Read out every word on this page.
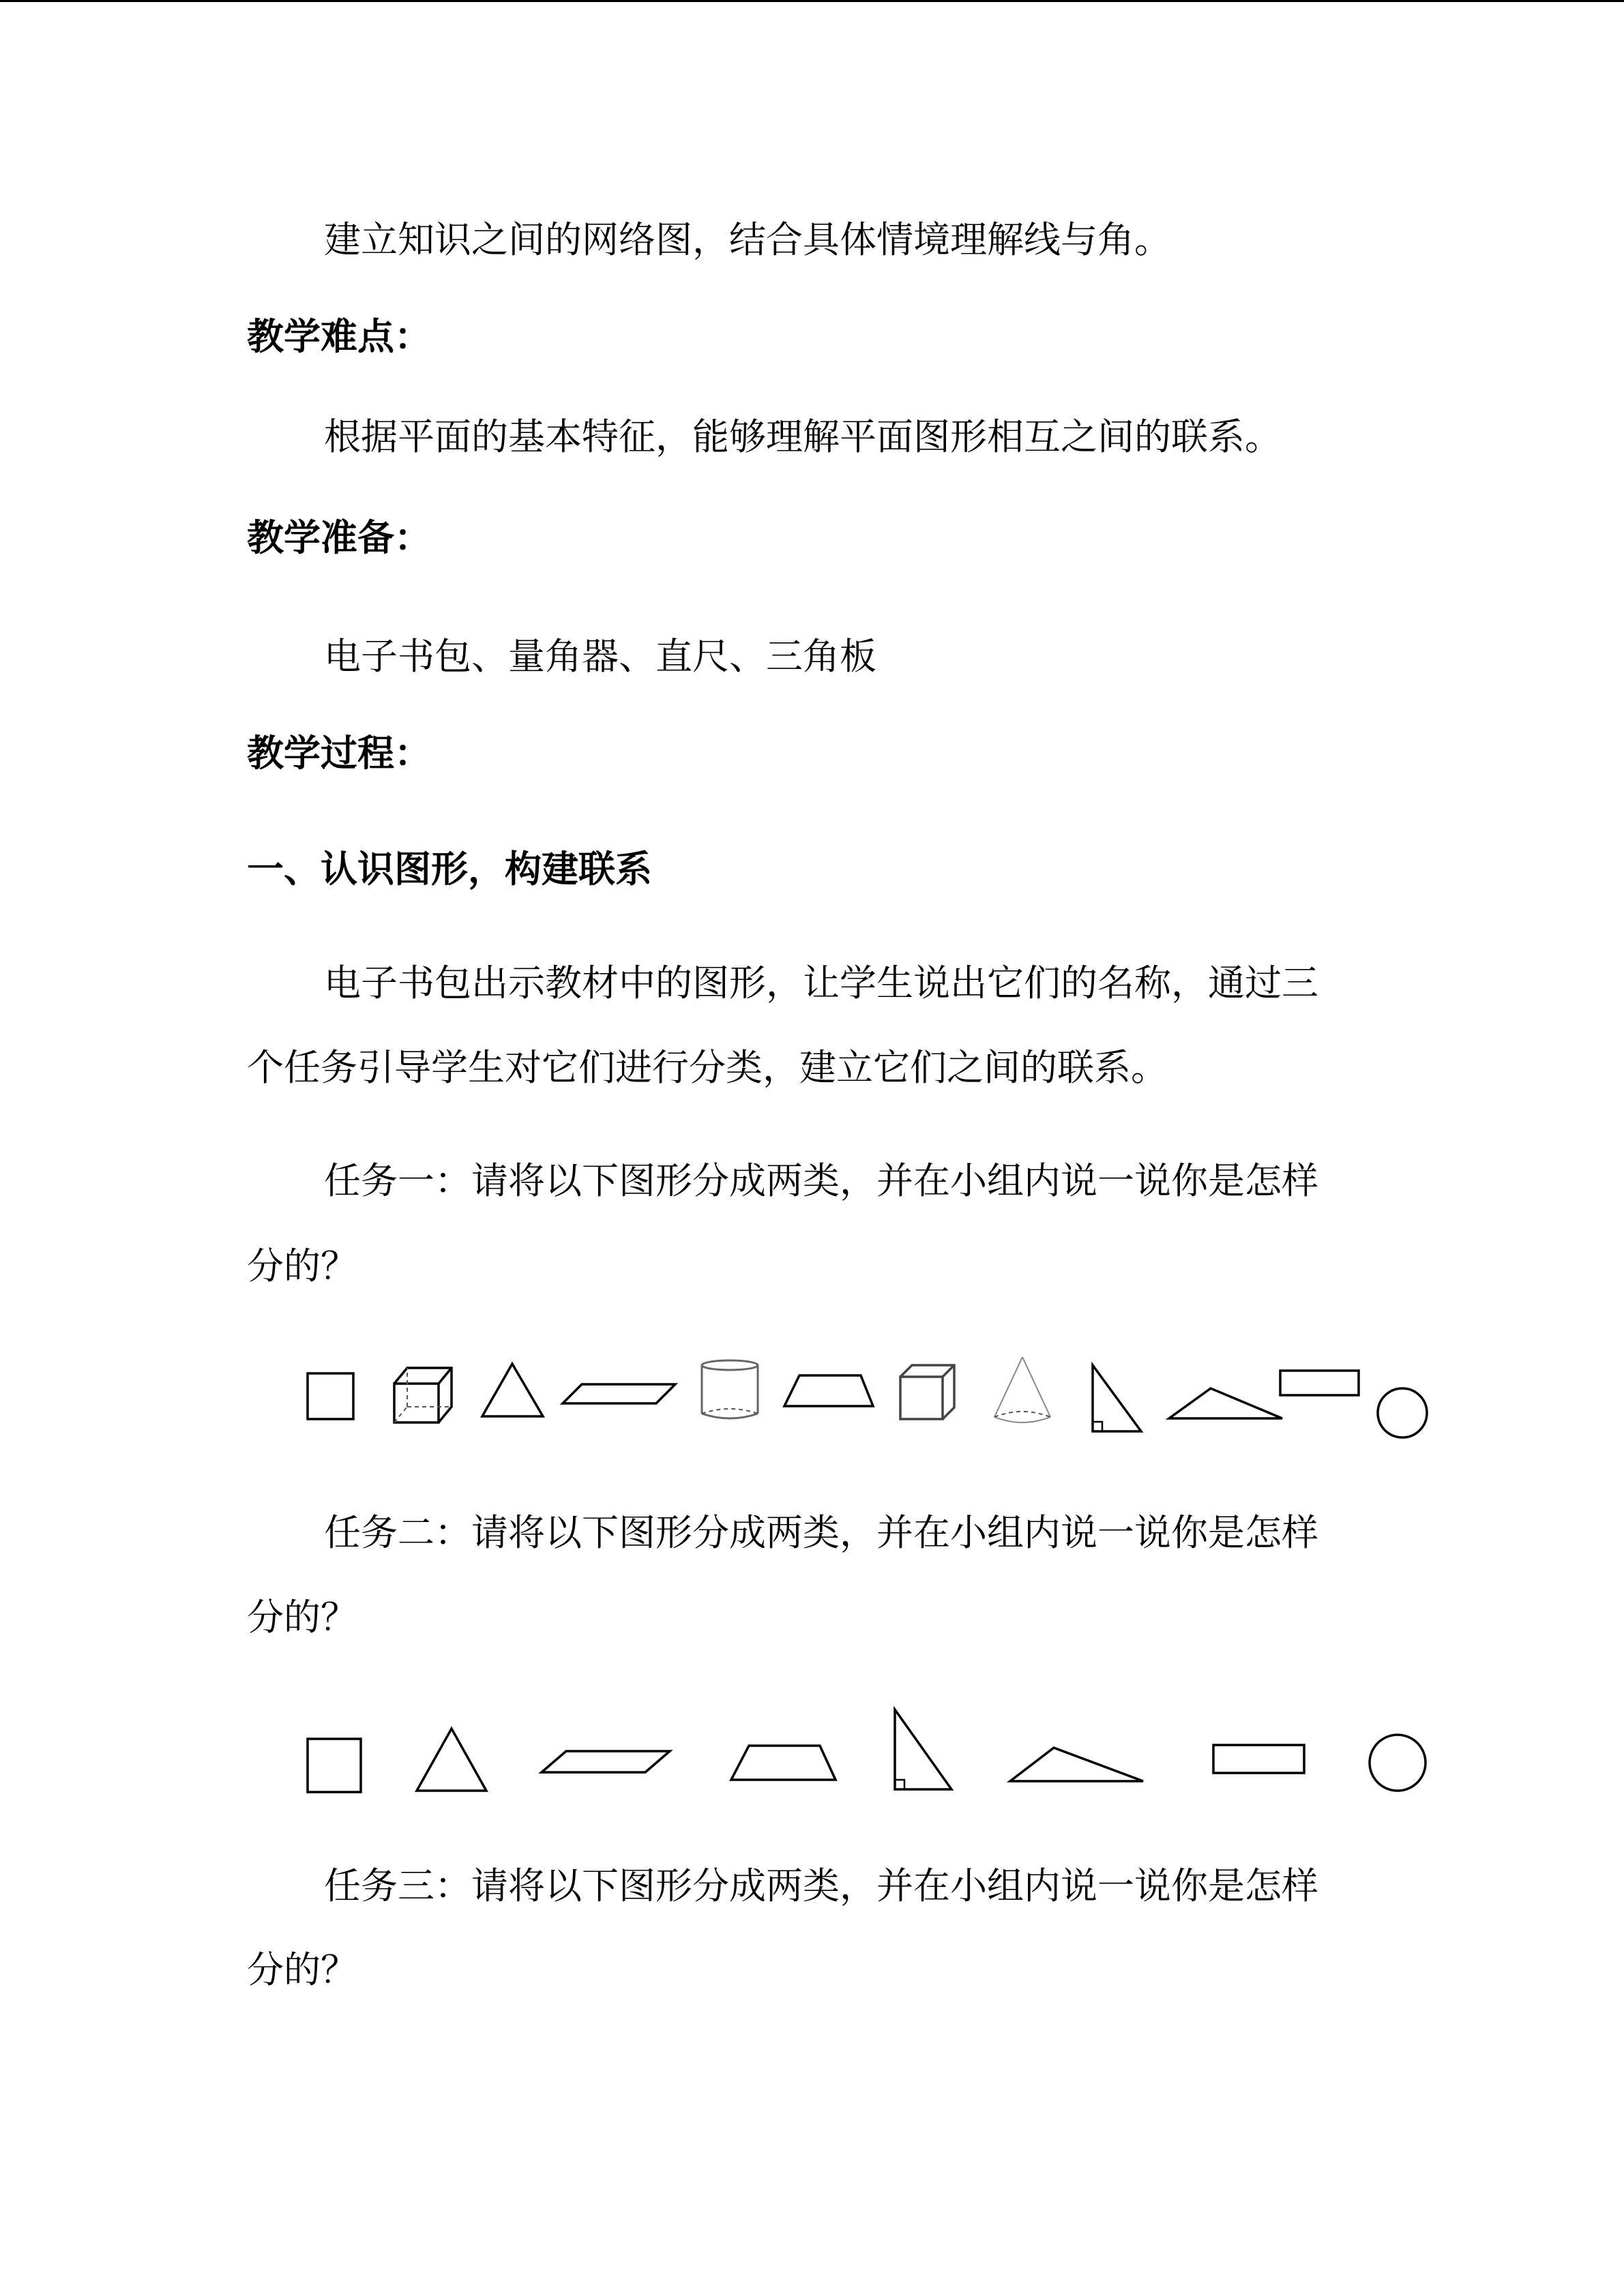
建立知识之间的网络图，结合具体情境理解线与角。
教学难点：
根据平面的基本特征，能够理解平面图形相互之间的联系。
教学准备：
电子书包、量角器、直尺、三角板
教学过程：
一、认识图形，构建联系
电子书包出示教材中的图形，让学生说出它们的名称，通过三
个任务引导学生对它们进行分类，建立它们之间的联系。
任务一：请将以下图形分成两类，并在小组内说一说你是怎样
分的？
任务二：请将以下图形分成两类，并在小组内说一说你是怎样
分的？
任务三：请将以下图形分成两类，并在小组内说一说你是怎样
分的？
